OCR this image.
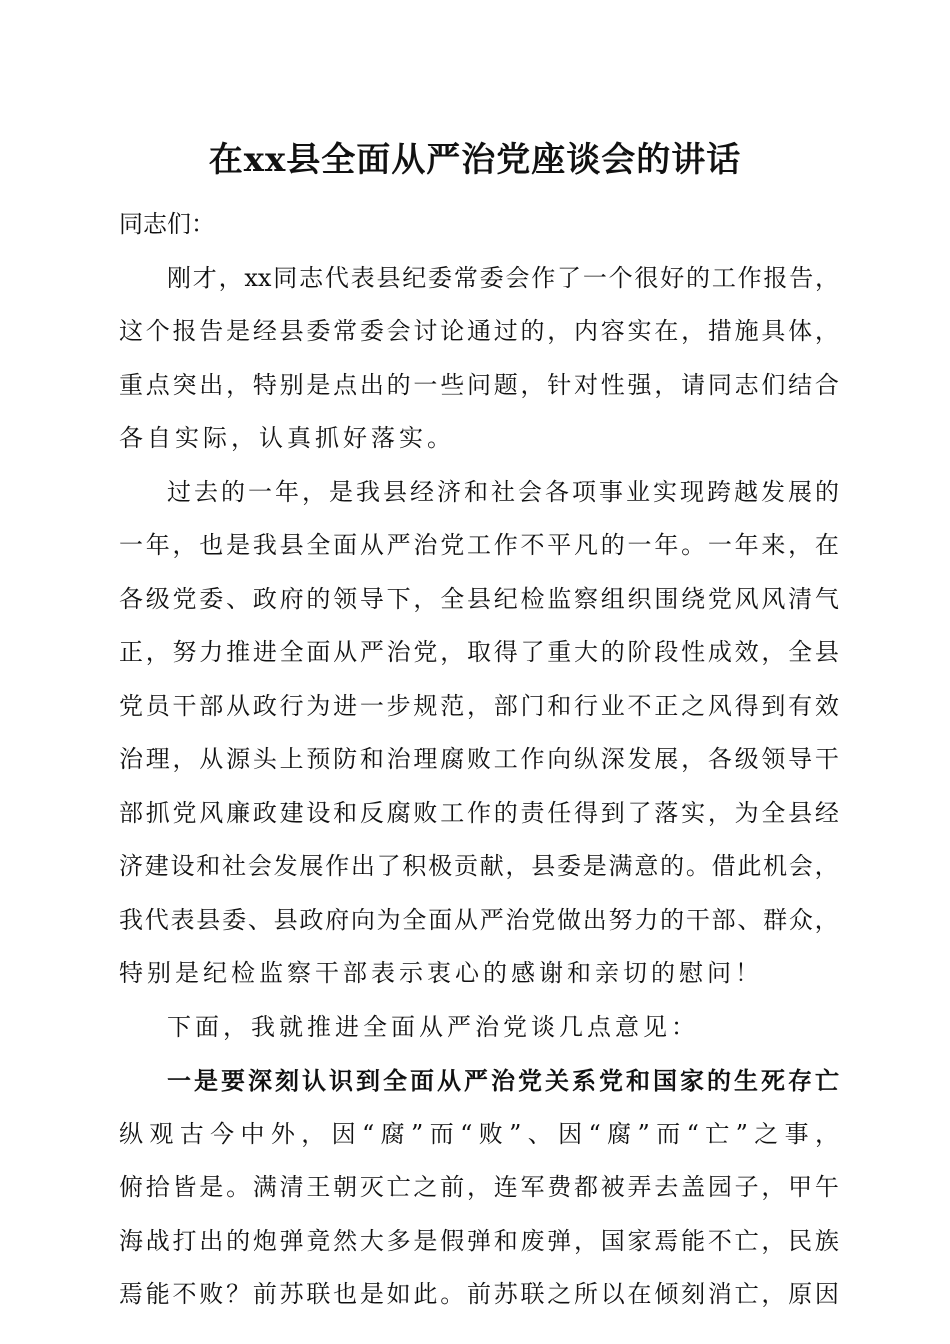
在xx县全面从严治党座谈会的讲话
同志们：
刚 才 ， xx 同 志 代 表 县 纪 委 常 委 会 作 了 一 个 很 好 的 工 作 报 告 ，
这 个 报 告 是 经 县 委 常 委 会 讨 论 通 过 的 ， 内 容 实 在 ， 措 施 具 体 ，
重 点 突 出 ， 特 别 是 点 出 的 一 些 问 题 ， 针 对 性 强 ， 请 同 志 们 结 合
各 自 实 际 ， 认 真 抓 好 落 实 。
过 去 的 一 年 ， 是 我 县 经 济 和 社 会 各 项 事 业 实 现 跨 越 发 展 的
一 年 ， 也 是 我 县 全 面 从 严 治 党 工 作 不 平 凡 的 一 年 。 一 年 来 ， 在
各 级 党 委 、 政 府 的 领 导 下 ， 全 县 纪 检 监 察 组 织 围 绕 党 风 风 清 气
正 ， 努 力 推 进 全 面 从 严 治 党 ， 取 得 了 重 大 的 阶 段 性 成 效 ， 全 县
党 员 干 部 从 政 行 为 进 一 步 规 范 ， 部 门 和 行 业 不 正 之 风 得 到 有 效
治 理 ， 从 源 头 上 预 防 和 治 理 腐 败 工 作 向 纵 深 发 展 ， 各 级 领 导 干
部 抓 党 风 廉 政 建 设 和 反 腐 败 工 作 的 责 任 得 到 了 落 实 ， 为 全 县 经
济 建 设 和 社 会 发 展 作 出 了 积 极 贡 献 ， 县 委 是 满 意 的 。 借 此 机 会 ，
我 代 表 县 委 、 县 政 府 向 为 全 面 从 严 治 党 做 出 努 力 的 干 部 、 群 众 ，
特 别 是 纪 检 监 察 干 部 表 示 衷 心 的 感 谢 和 亲 切 的 慰 问 ！
下 面 ， 我 就 推 进 全 面 从 严 治 党 谈 几 点 意 见 ：
一 是 要 深 刻 认 识 到 全 面 从 严 治 党 关 系 党 和 国 家 的 生 死 存 亡
纵 观 古 今 中 外 ， 因 “ 腐 ” 而 “ 败 ” 、 因 “ 腐 ” 而 “ 亡 ” 之 事 ，
俯 拾 皆 是 。 满 清 王 朝 灭 亡 之 前 ， 连 军 费 都 被 弄 去 盖 园 子 ， 甲 午
海 战 打 出 的 炮 弹 竟 然 大 多 是 假 弹 和 废 弹 ， 国 家 焉 能 不 亡 ， 民 族
焉 能 不 败 ？ 前 苏 联 也 是 如 此 。 前 苏 联 之 所 以 在 倾 刻 消 亡 ， 原 因
